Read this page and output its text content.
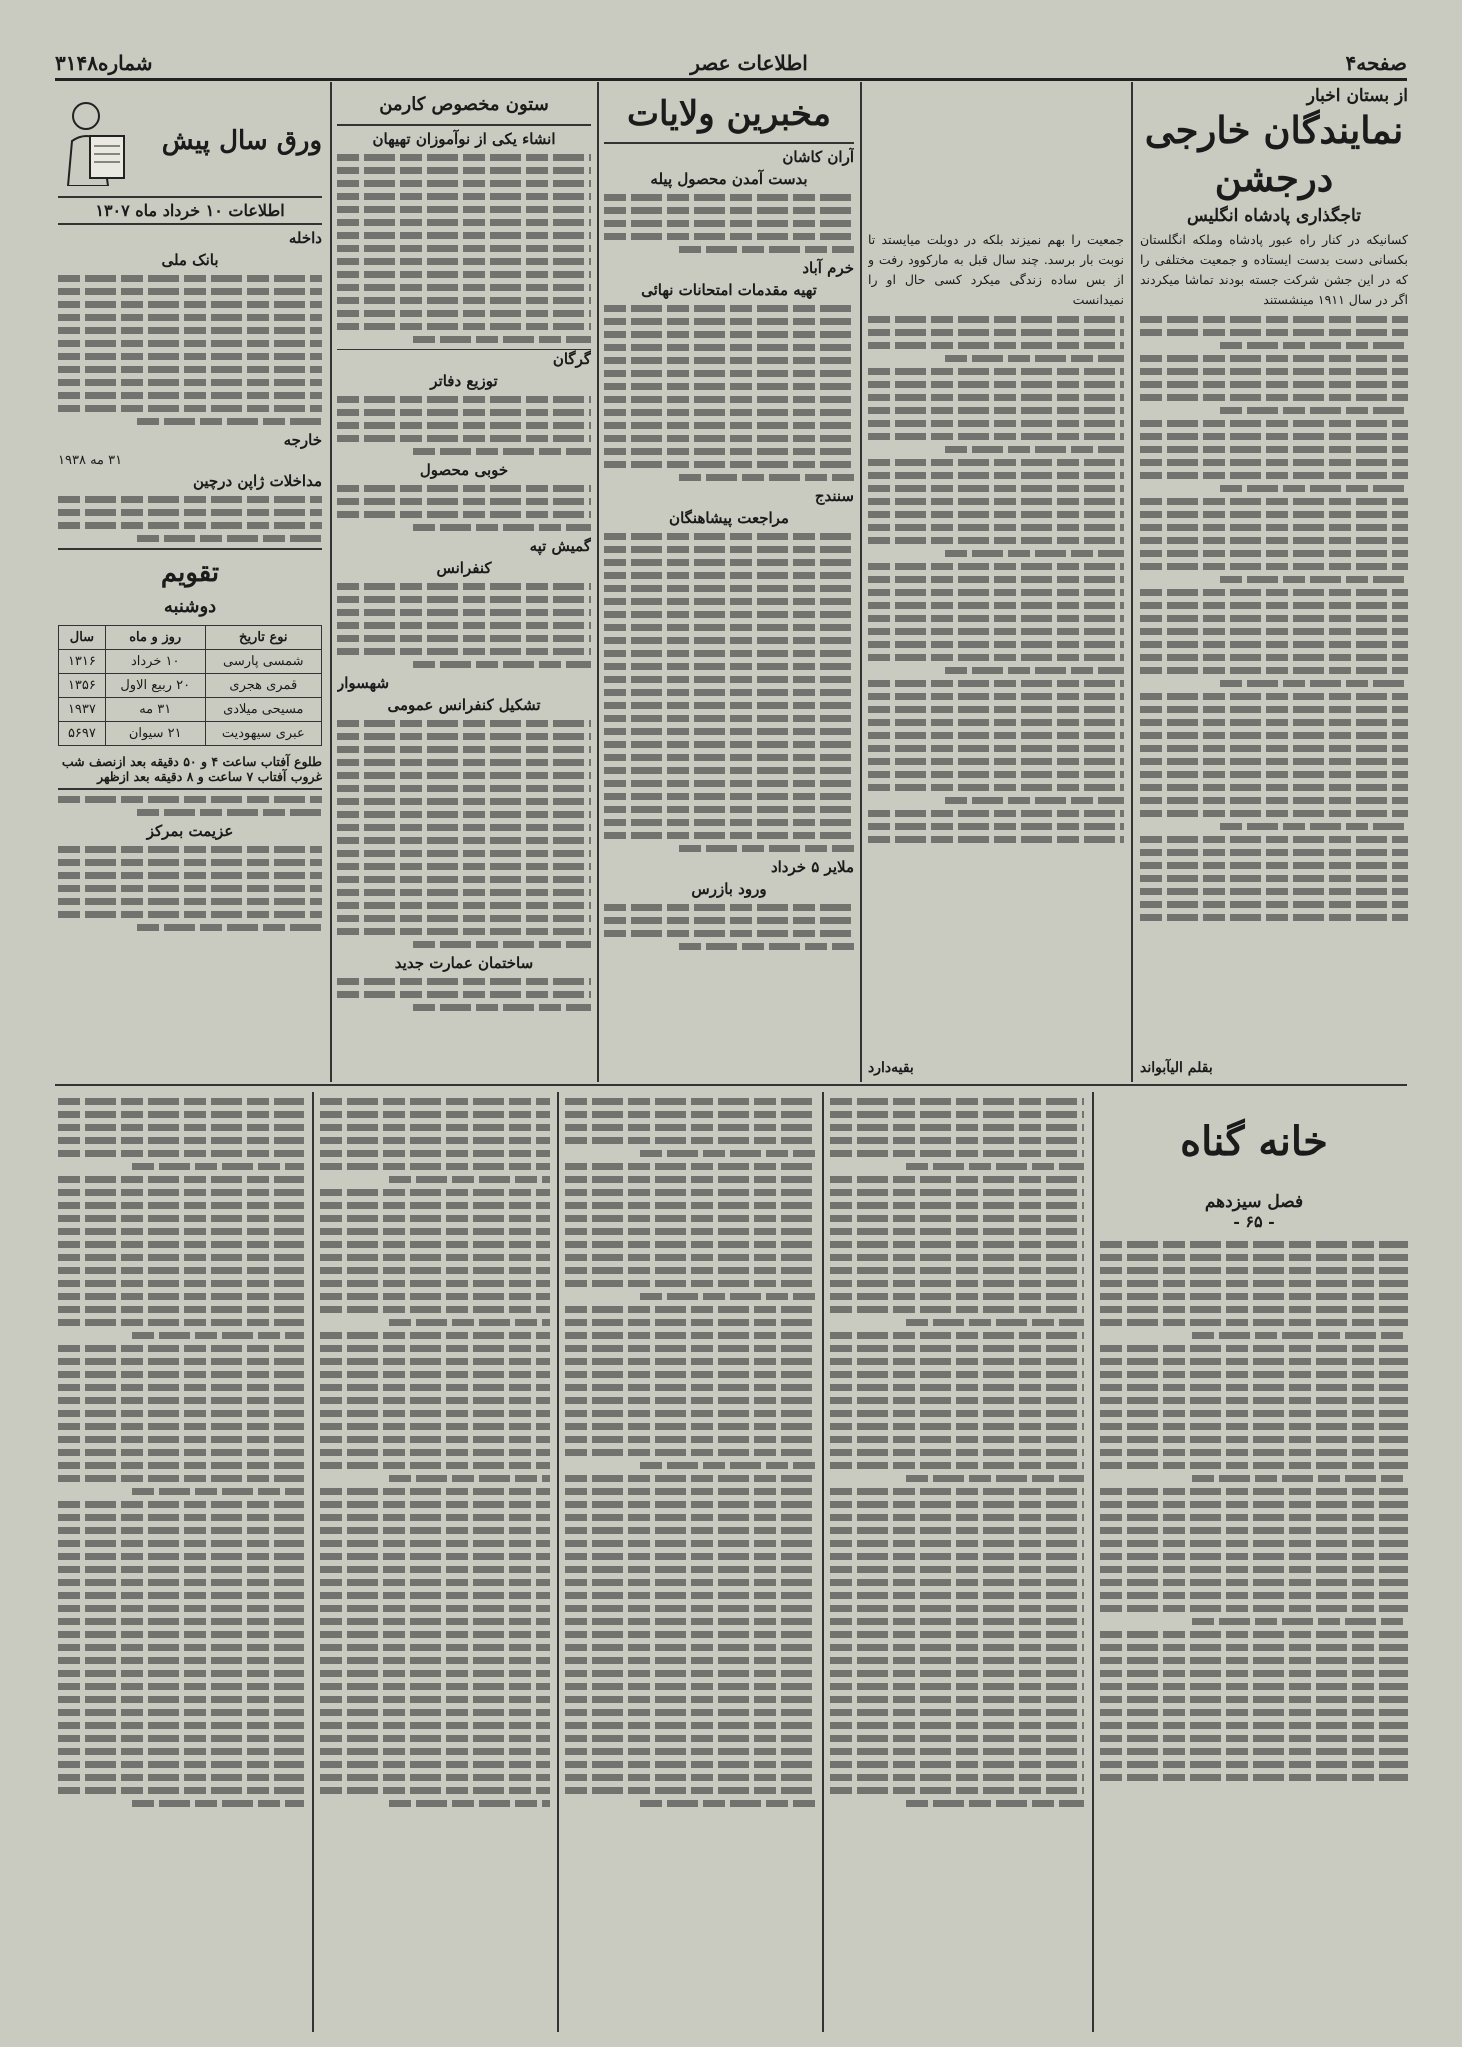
صفحه۴
اطلاعات عصر
شماره۳۱۴۸
از بستان اخبار
نمایندگان خارجی درجشن
تاجگذاری پادشاه انگلیس
کسانیکه در کنار راه عبور پادشاه وملکه انگلستان بکسانی دست بدست ایستاده و جمعیت مختلفی را که در این جشن شرکت جسته بودند تماشا میکردند اگر در سال ۱۹۱۱ مینشستند
بقلم الیآبواند
جمعیت را بهم نمیزند بلکه در دوبلت میایستد تا نوبت بار برسد. چند سال قبل به مارکوود رفت و از بس ساده زندگی میکرد کسی حال او را نمیدانست
بقیه‌دارد
مخبرین ولایات
آران کاشان
بدست آمدن محصول پیله
خرم آباد
تهیه مقدمات امتحانات نهائی
سنندج
مراجعت پیشاهنگان
ملایر ۵ خرداد
ورود بازرس
ستون مخصوص کارمن
انشاء یکی از نوآموزان تهیهان
گرگان
توزیع دفاتر
خوبی محصول
گمیش تپه
کنفرانس
شهسوار
تشکیل کنفرانس عمومی
ساختمان عمارت جدید
ورق سال پیش
اطلاعات ۱۰ خرداد ماه ۱۳۰۷
داخله
بانک ملی
خارجه
۳۱ مه ۱۹۳۸
مداخلات ژاپن درچین
تقویم
دوشنبه
نوع تاریخ	روز و ماه	سال
شمسی پارسی	۱۰ خرداد	۱۳۱۶
قمری هجری	۲۰ ربیع الاول	۱۳۵۶
مسیحی میلادی	۳۱ مه	۱۹۳۷
عبری سیهودیت	۲۱ سیوان	۵۶۹۷
طلوع آفتاب ساعت ۴ و ۵۰ دقیقه بعد ازنصف شب
غروب آفتاب ۷ ساعت و ۸ دقیقه بعد ازظهر
عزیمت بمرکز
خانه گناه
فصل سیزدهم
- ۶۵ -
